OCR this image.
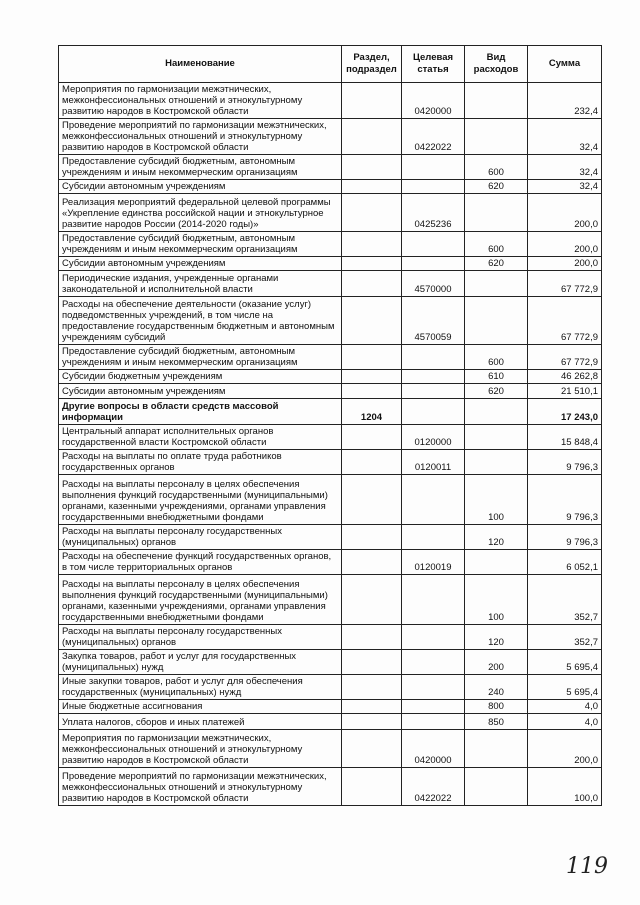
Наименование	Раздел, подраздел	Целевая статья	Вид расходов	Сумма
Мероприятия по гармонизации межэтнических, межконфессиональных отношений и этнокультурному развитию народов в Костромской области		0420000		232,4
Проведение мероприятий по гармонизации межэтнических, межконфессиональных отношений и этнокультурному развитию народов в Костромской области		0422022		32,4
Предоставление субсидий бюджетным, автономным учреждениям и иным некоммерческим организациям			600	32,4
Субсидии автономным учреждениям			620	32,4
Реализация мероприятий федеральной целевой программы «Укрепление единства российской нации и этнокультурное развитие народов России (2014-2020 годы)»		0425236		200,0
Предоставление субсидий бюджетным, автономным учреждениям и иным некоммерческим организациям			600	200,0
Субсидии автономным учреждениям			620	200,0
Периодические издания, учрежденные органами законодательной и исполнительной власти		4570000		67 772,9
Расходы на обеспечение деятельности (оказание услуг) подведомственных учреждений, в том числе на предоставление государственным бюджетным и автономным учреждениям субсидий		4570059		67 772,9
Предоставление субсидий бюджетным, автономным учреждениям и иным некоммерческим организациям			600	67 772,9
Субсидии бюджетным учреждениям			610	46 262,8
Субсидии автономным учреждениям			620	21 510,1
Другие вопросы в области средств массовой информации	1204			17 243,0
Центральный аппарат исполнительных органов государственной власти Костромской области		0120000		15 848,4
Расходы на выплаты по оплате труда работников государственных органов		0120011		9 796,3
Расходы на выплаты персоналу в целях обеспечения выполнения функций государственными (муниципальными) органами, казенными учреждениями, органами управления государственными внебюджетными фондами			100	9 796,3
Расходы на выплаты персоналу государственных (муниципальных) органов			120	9 796,3
Расходы на обеспечение функций государственных органов, в том числе территориальных органов		0120019		6 052,1
Расходы на выплаты персоналу в целях обеспечения выполнения функций государственными (муниципальными) органами, казенными учреждениями, органами управления государственными внебюджетными фондами			100	352,7
Расходы на выплаты персоналу государственных (муниципальных) органов			120	352,7
Закупка товаров, работ и услуг для государственных (муниципальных) нужд			200	5 695,4
Иные закупки товаров, работ и услуг для обеспечения государственных (муниципальных) нужд			240	5 695,4
Иные бюджетные ассигнования			800	4,0
Уплата налогов, сборов и иных платежей			850	4,0
Мероприятия по гармонизации межэтнических, межконфессиональных отношений и этнокультурному развитию народов в Костромской области		0420000		200,0
Проведение мероприятий по гармонизации межэтнических, межконфессиональных отношений и этнокультурному развитию народов в Костромской области		0422022		100,0
119
